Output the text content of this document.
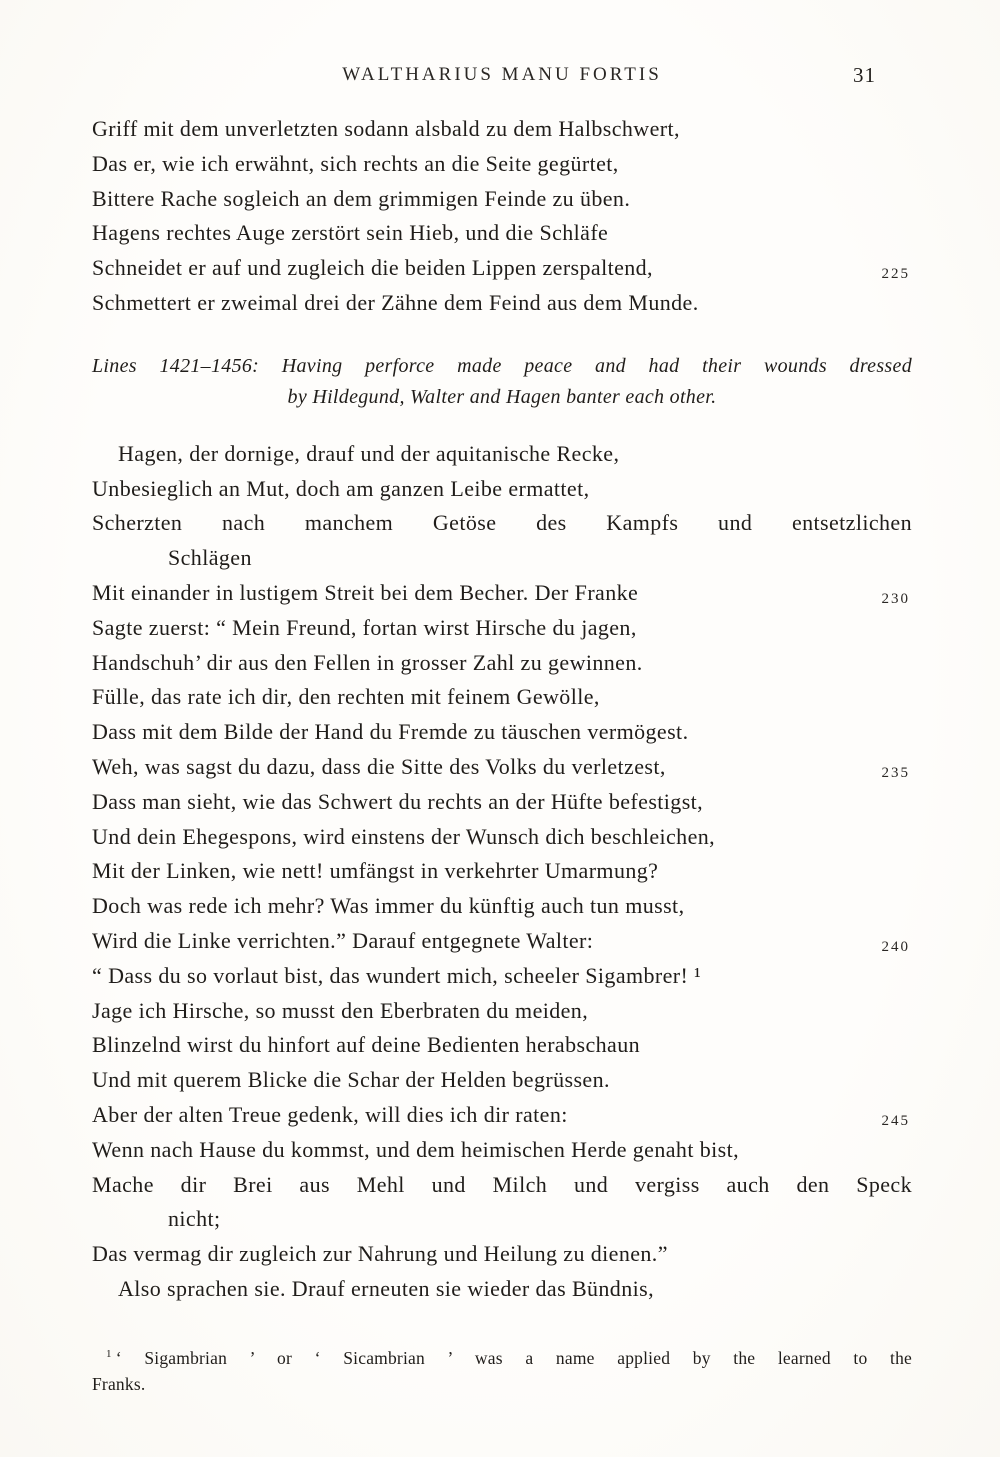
WALTHARIUS MANU FORTIS	31
Griff mit dem unverletzten sodann alsbald zu dem Halbschwert,
Das er, wie ich erwähnt, sich rechts an die Seite gegürtet,
Bittere Rache sogleich an dem grimmigen Feinde zu üben.
Hagens rechtes Auge zerstört sein Hieb, und die Schläfe
Schneidet er auf und zugleich die beiden Lippen zerspaltend,	225
Schmettert er zweimal drei der Zähne dem Feind aus dem Munde.
Lines 1421–1456: Having perforce made peace and had their wounds dressed
by Hildegund, Walter and Hagen banter each other.
Hagen, der dornige, drauf und der aquitanische Recke,
Unbesieglich an Mut, doch am ganzen Leibe ermattet,
Scherzten nach manchem Getöse des Kampfs und entsetzlichen
Schlägen
Mit einander in lustigem Streit bei dem Becher. Der Franke	230
Sagte zuerst: “ Mein Freund, fortan wirst Hirsche du jagen,
Handschuh’ dir aus den Fellen in grosser Zahl zu gewinnen.
Fülle, das rate ich dir, den rechten mit feinem Gewölle,
Dass mit dem Bilde der Hand du Fremde zu täuschen vermögest.
Weh, was sagst du dazu, dass die Sitte des Volks du verletzest,	235
Dass man sieht, wie das Schwert du rechts an der Hüfte befestigst,
Und dein Ehegespons, wird einstens der Wunsch dich beschleichen,
Mit der Linken, wie nett! umfängst in verkehrter Umarmung?
Doch was rede ich mehr? Was immer du künftig auch tun musst,
Wird die Linke verrichten.” Darauf entgegnete Walter:	240
“ Dass du so vorlaut bist, das wundert mich, scheeler Sigambrer! ¹
Jage ich Hirsche, so musst den Eberbraten du meiden,
Blinzelnd wirst du hinfort auf deine Bedienten herabschaun
Und mit querem Blicke die Schar der Helden begrüssen.
Aber der alten Treue gedenk, will dies ich dir raten:	245
Wenn nach Hause du kommst, und dem heimischen Herde genaht bist,
Mache dir Brei aus Mehl und Milch und vergiss auch den Speck
nicht;
Das vermag dir zugleich zur Nahrung und Heilung zu dienen.”
Also sprachen sie. Drauf erneuten sie wieder das Bündnis,
$^1$ ‘ Sigambrian ’ or ‘ Sicambrian ’ was a name applied by the learned to the
Franks.
